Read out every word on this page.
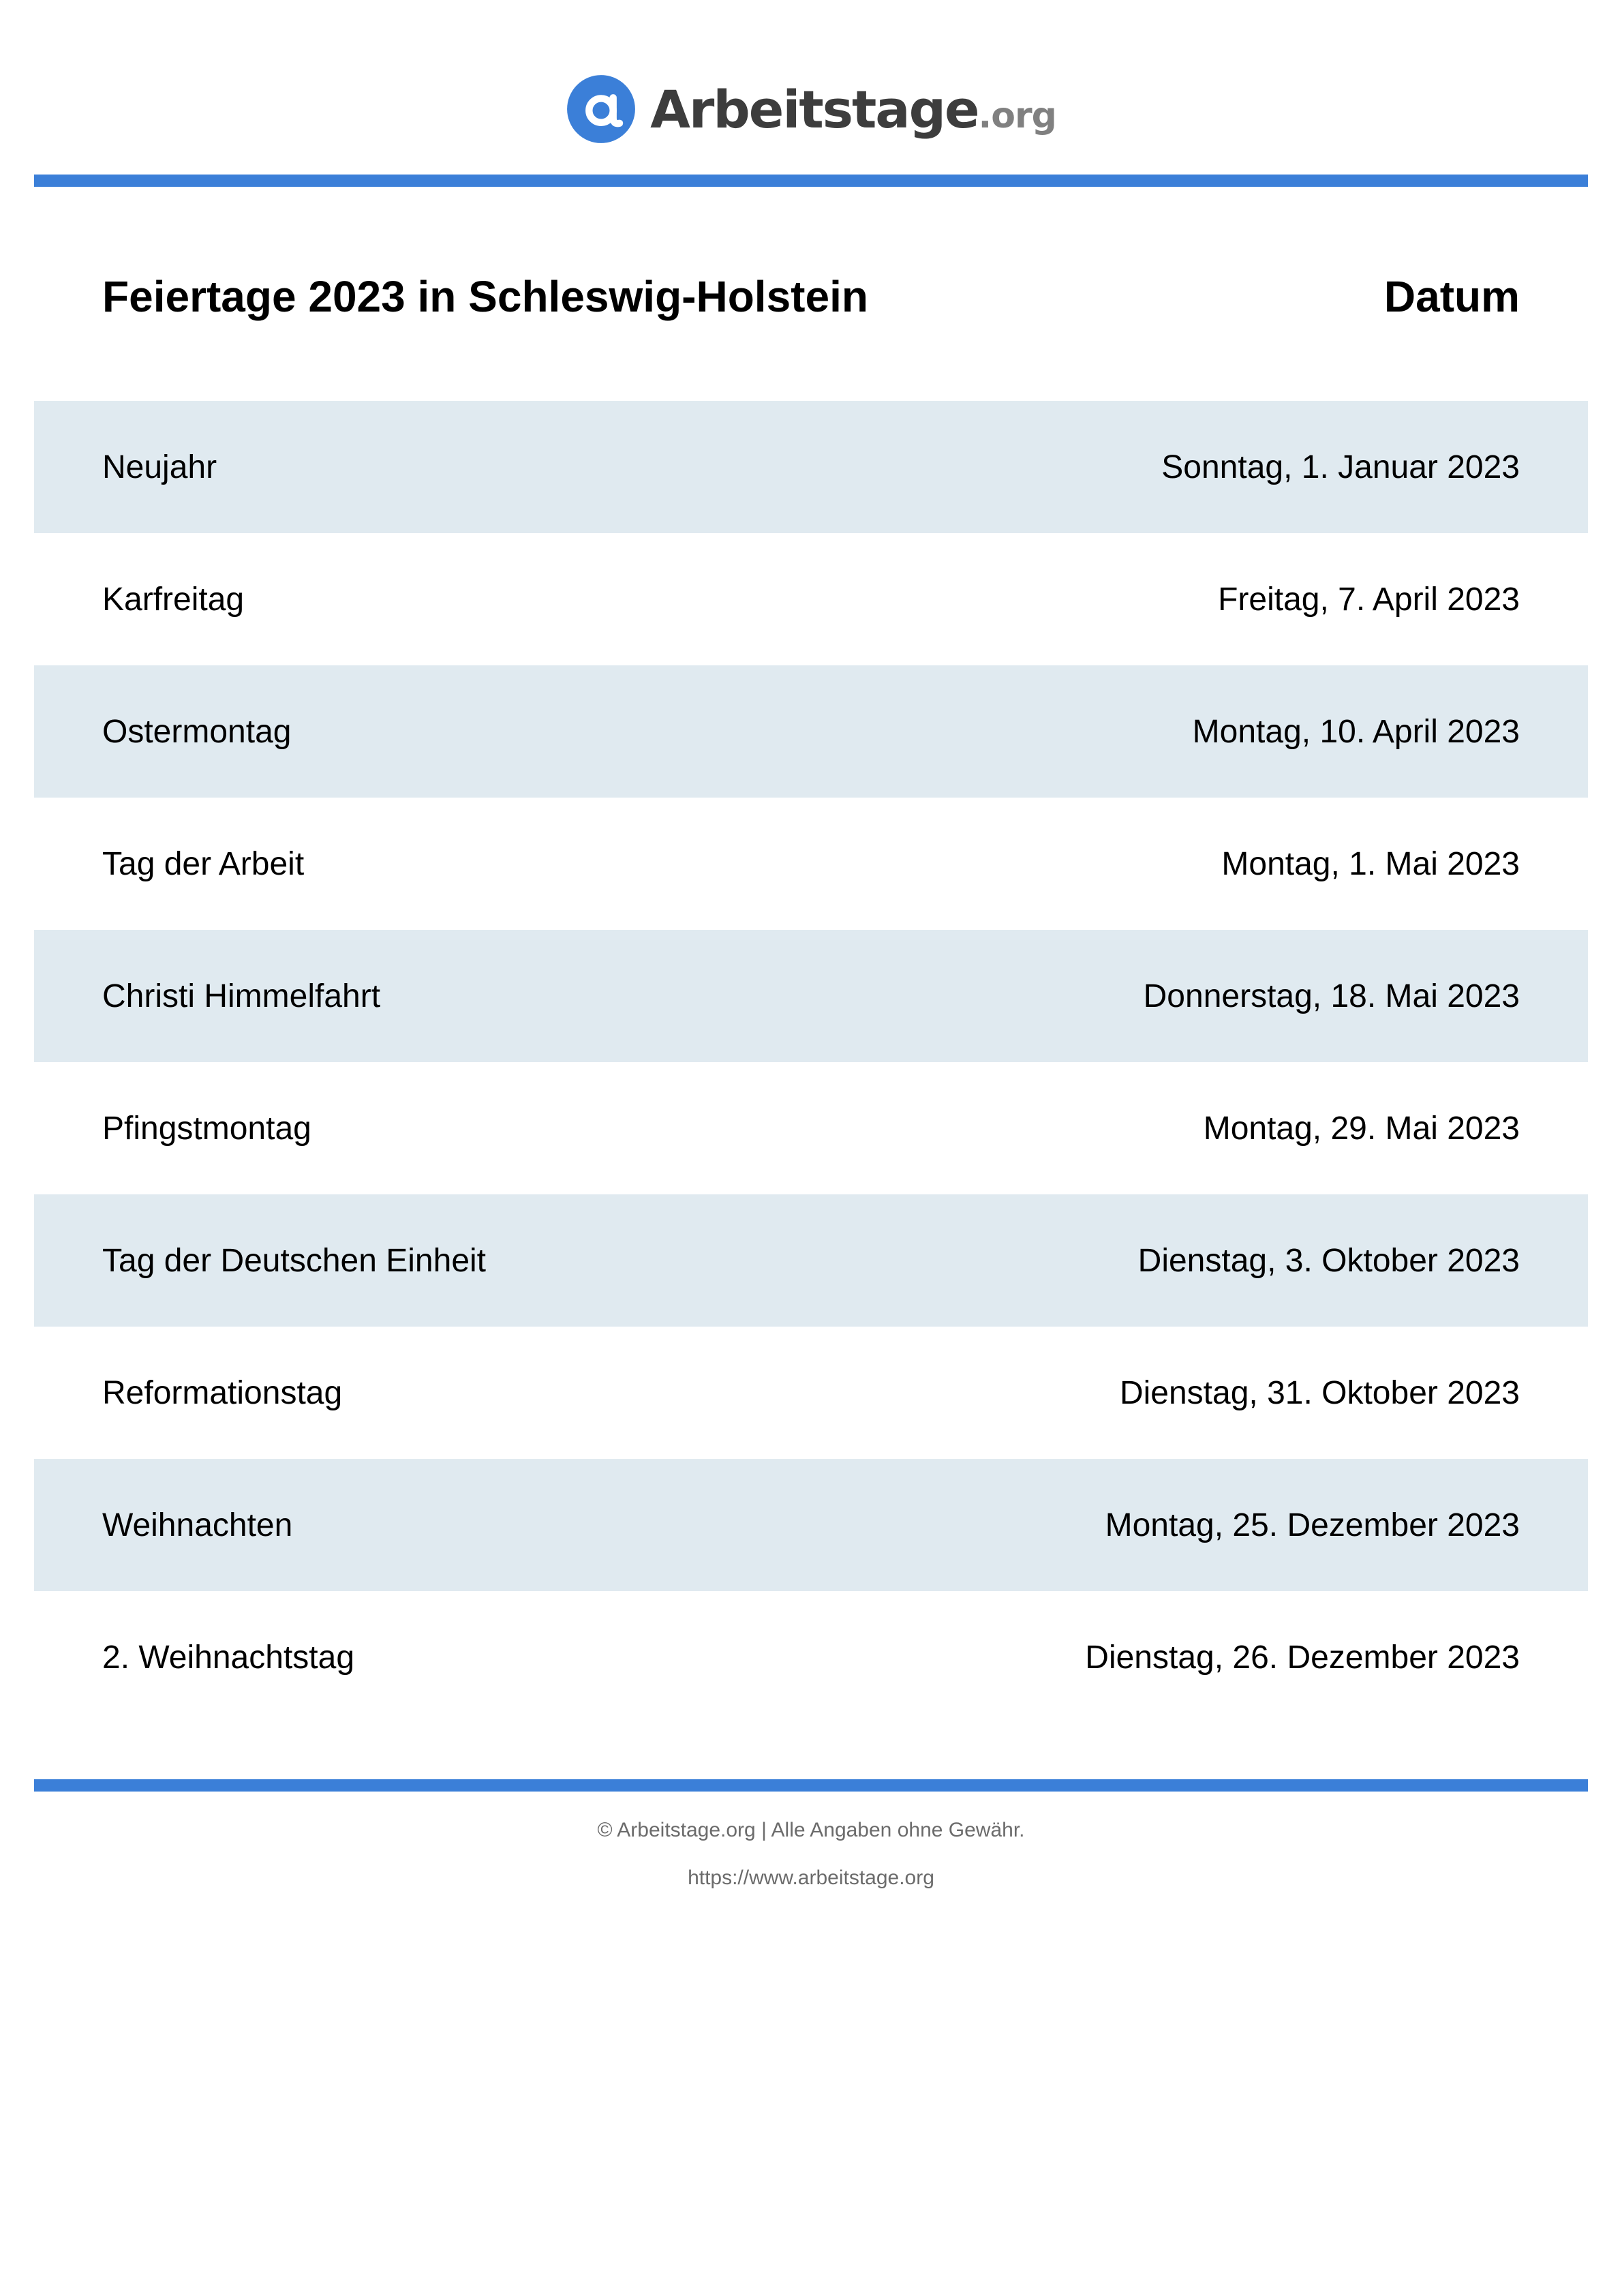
Arbeitstage .org
Feiertage 2023 in Schleswig-Holstein	Datum
Neujahr	Sonntag, 1. Januar 2023
Karfreitag	Freitag, 7. April 2023
Ostermontag	Montag, 10. April 2023
Tag der Arbeit	Montag, 1. Mai 2023
Christi Himmelfahrt	Donnerstag, 18. Mai 2023
Pfingstmontag	Montag, 29. Mai 2023
Tag der Deutschen Einheit	Dienstag, 3. Oktober 2023
Reformationstag	Dienstag, 31. Oktober 2023
Weihnachten	Montag, 25. Dezember 2023
2. Weihnachtstag	Dienstag, 26. Dezember 2023
© Arbeitstage.org | Alle Angaben ohne Gewähr.
https://www.arbeitstage.org
